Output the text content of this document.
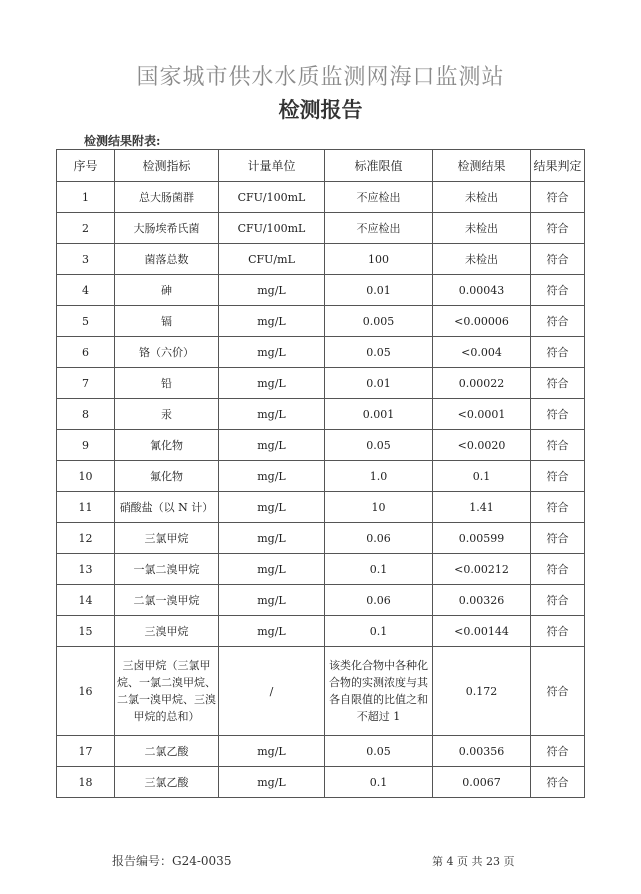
国家城市供水水质监测网海口监测站
检测报告
检测结果附表:
序号	检测指标	计量单位	标准限值	检测结果	结果判定
1	总大肠菌群	CFU/100mL	不应检出	未检出	符合
2	大肠埃希氏菌	CFU/100mL	不应检出	未检出	符合
3	菌落总数	CFU/mL	100	未检出	符合
4	砷	mg/L	0.01	0.00043	符合
5	镉	mg/L	0.005	<0.00006	符合
6	铬（六价）	mg/L	0.05	<0.004	符合
7	铅	mg/L	0.01	0.00022	符合
8	汞	mg/L	0.001	<0.0001	符合
9	氰化物	mg/L	0.05	<0.0020	符合
10	氟化物	mg/L	1.0	0.1	符合
11	硝酸盐（以 N 计）	mg/L	10	1.41	符合
12	三氯甲烷	mg/L	0.06	0.00599	符合
13	一氯二溴甲烷	mg/L	0.1	<0.00212	符合
14	二氯一溴甲烷	mg/L	0.06	0.00326	符合
15	三溴甲烷	mg/L	0.1	<0.00144	符合
16	三卤甲烷（三氯甲烷、一氯二溴甲烷、二氯一溴甲烷、三溴甲烷的总和）	/	该类化合物中各种化合物的实测浓度与其各自限值的比值之和不超过 1	0.172	符合
17	二氯乙酸	mg/L	0.05	0.00356	符合
18	三氯乙酸	mg/L	0.1	0.0067	符合
报告编号：G24-0035	第 4 页 共 23 页
